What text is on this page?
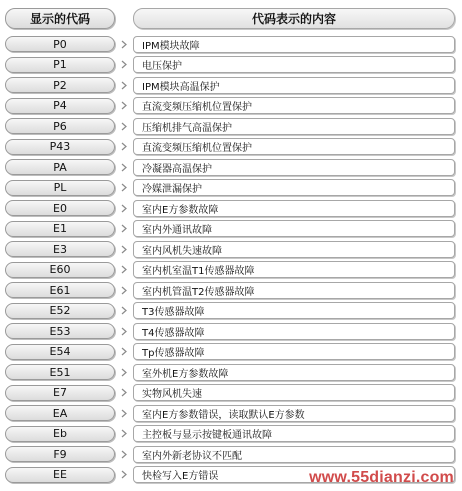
显示的代码	代码表示的内容
P0	IPM模块故障
P1	电压保护
P2	IPM模块高温保护
P4	直流变频压缩机位置保护
P6	压缩机排气高温保护
P43	直流变频压缩机位置保护
PA	冷凝器高温保护
PL	冷媒泄漏保护
E0	室内E方参数故障
E1	室内外通讯故障
E3	室内风机失速故障
E60	室内机室温T1传感器故障
E61	室内机管温T2传感器故障
E52	T3传感器故障
E53	T4传感器故障
E54	Tp传感器故障
E51	室外机E方参数故障
E7	实物风机失速
EA	室内E方参数错误，读取默认E方参数
Eb	主控板与显示按键板通讯故障
F9	室内外新老协议不匹配
EE	快检写入E方错误	www.55dianzi.com
